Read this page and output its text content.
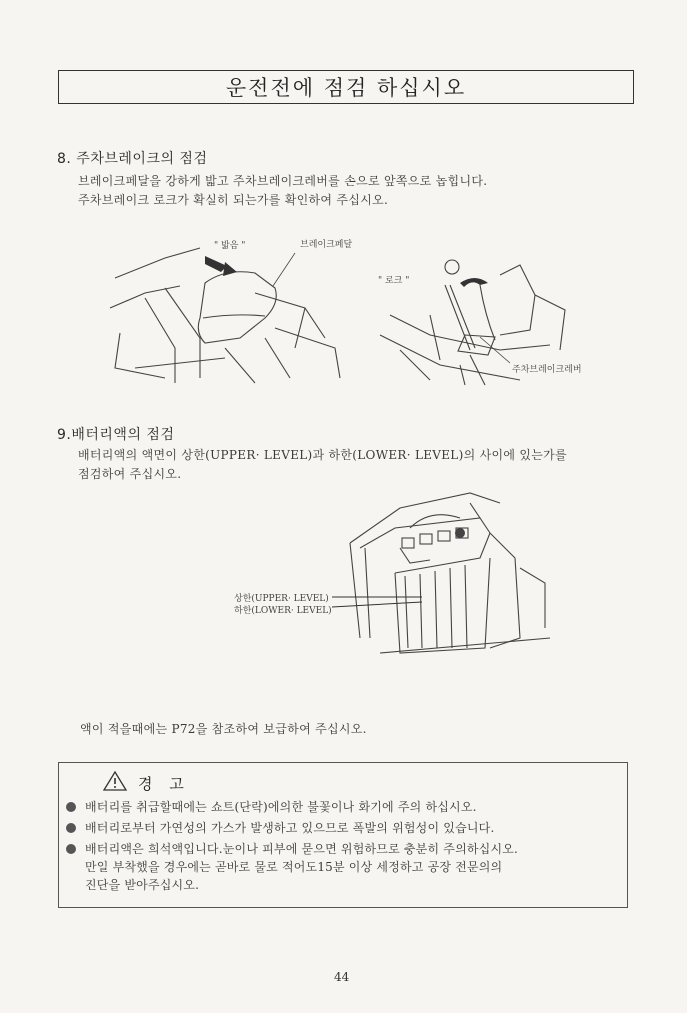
운전전에 점검 하십시오
8. 주차브레이크의 점검
브레이크페달을 강하게 밟고 주차브레이크레버를 손으로 앞쪽으로 놉힙니다.
주차브레이크 로크가 확실히 되는가를 확인하여 주십시오.
" 밟음 "	브레이크페달
" 로크 "
주차브레이크레버
9.배터리액의 점검
배터리액의 액면이 상한(UPPER· LEVEL)과 하한(LOWER· LEVEL)의 사이에 있는가를
점검하여 주십시오.
상한(UPPER· LEVEL)
하한(LOWER· LEVEL)
액이 적을때에는 P72을 참조하여 보급하여 주십시오.
경 고
배터리를 취급할때에는 쇼트(단락)에의한 불꽃이나 화기에 주의 하십시오.
배터리로부터 가연성의 가스가 발생하고 있으므로 폭발의 위험성이 있습니다.
배터리액은 희석액입니다.눈이나 피부에 묻으면 위험하므로 충분히 주의하십시오.
만일 부착했을 경우에는 곧바로 물로 적어도15분 이상 세정하고 공장 전문의의
진단을 받아주십시오.
44
